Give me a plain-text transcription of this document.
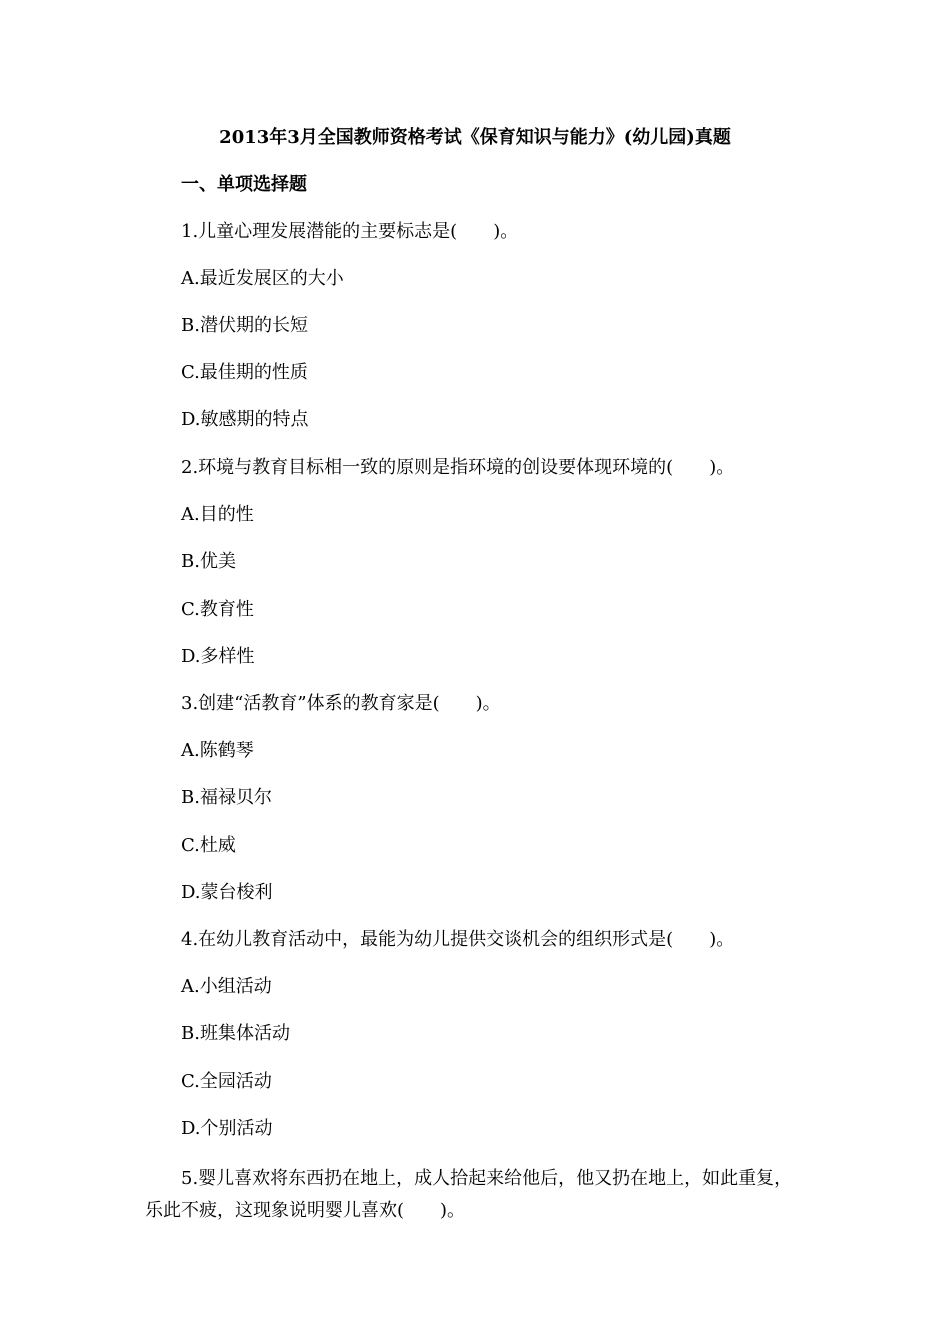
2013年3月全国教师资格考试《保育知识与能力》(幼儿园)真题
一、单项选择题
1.儿童心理发展潜能的主要标志是(　　)。
A.最近发展区的大小
B.潜伏期的长短
C.最佳期的性质
D.敏感期的特点
2.环境与教育目标相一致的原则是指环境的创设要体现环境的(　　)。
A.目的性
B.优美
C.教育性
D.多样性
3.创建“活教育”体系的教育家是(　　)。
A.陈鹤琴
B.福禄贝尔
C.杜威
D.蒙台梭利
4.在幼儿教育活动中，最能为幼儿提供交谈机会的组织形式是(　　)。
A.小组活动
B.班集体活动
C.全园活动
D.个别活动
5.婴儿喜欢将东西扔在地上，成人拾起来给他后，他又扔在地上，如此重复，乐此不疲，这现象说明婴儿喜欢(　　)。
